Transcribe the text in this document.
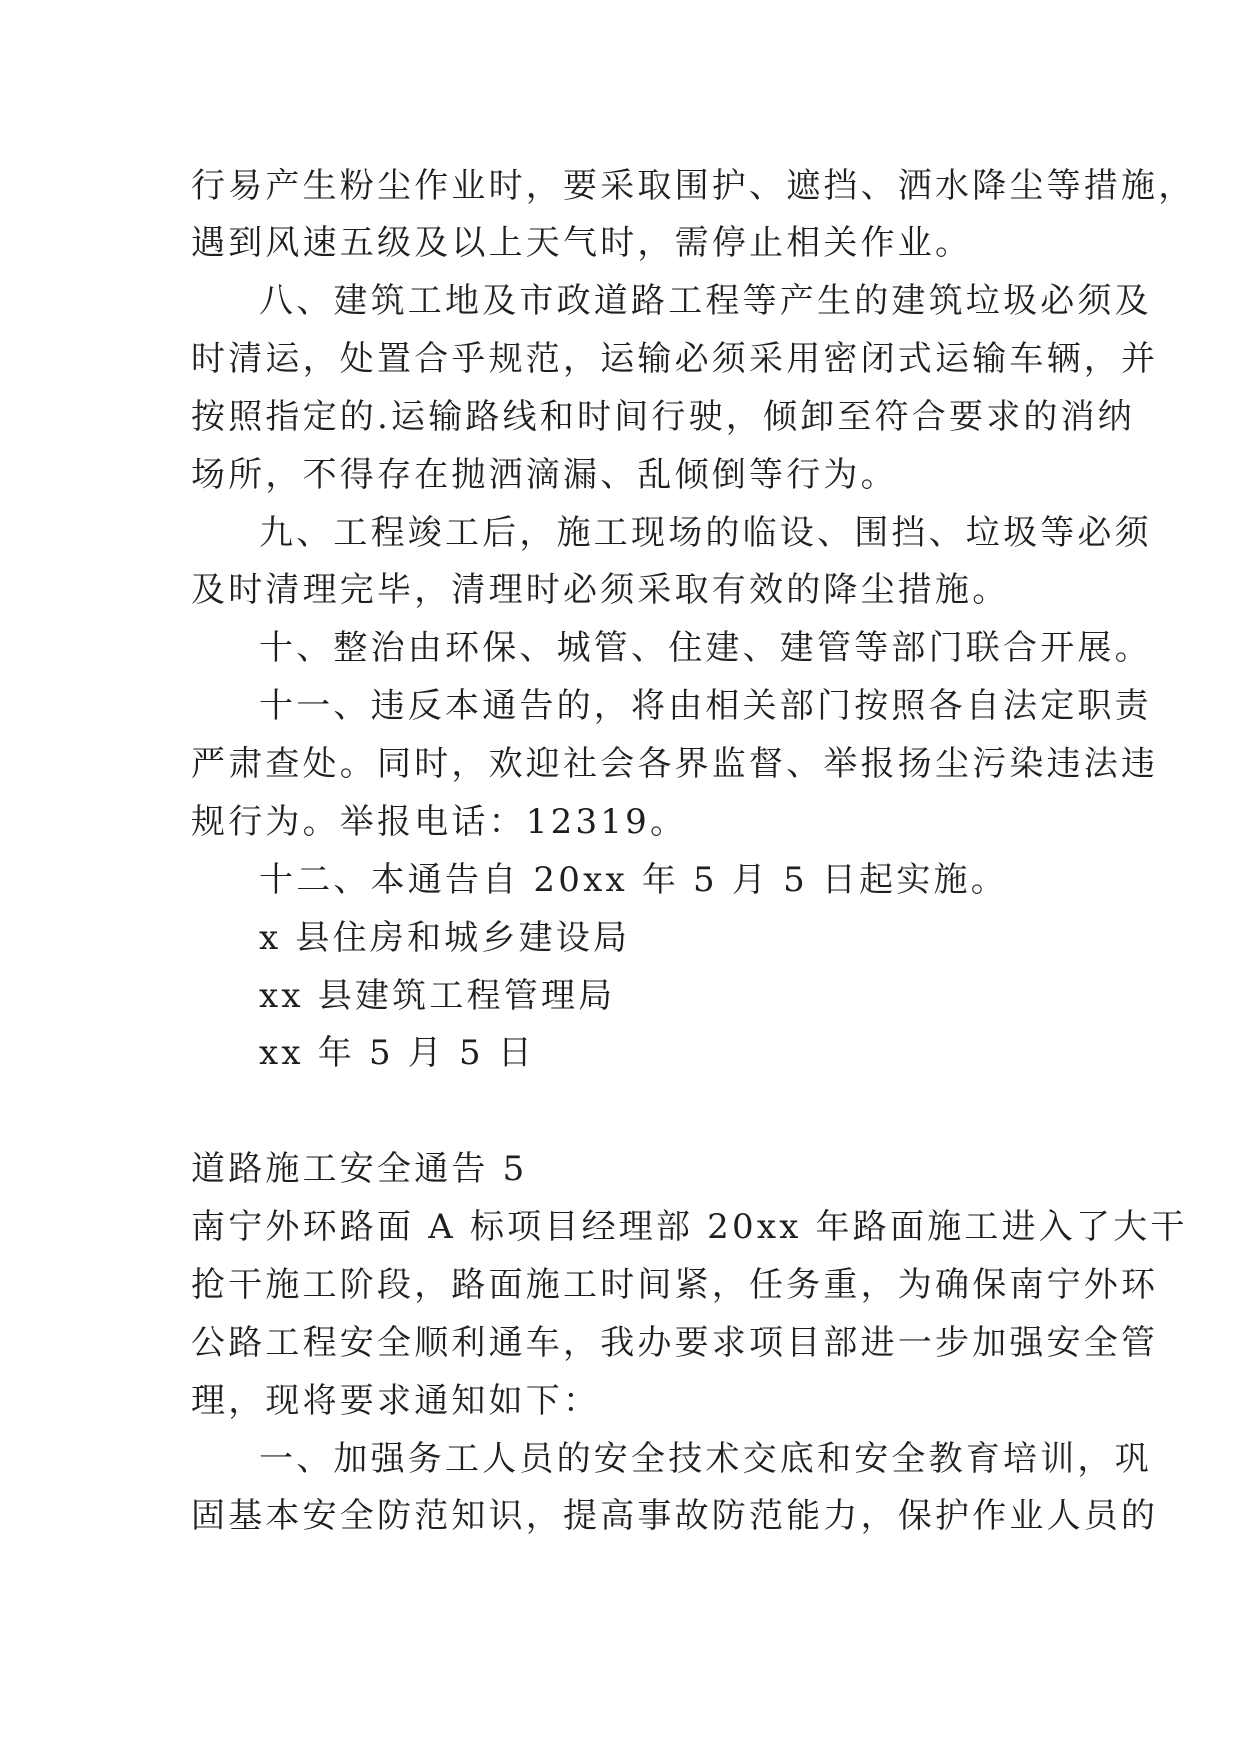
行易产生粉尘作业时，要采取围护、遮挡、洒水降尘等措施，
遇到风速五级及以上天气时，需停止相关作业。
八、建筑工地及市政道路工程等产生的建筑垃圾必须及
时清运，处置合乎规范，运输必须采用密闭式运输车辆，并
按照指定的.运输路线和时间行驶，倾卸至符合要求的消纳
场所，不得存在抛洒滴漏、乱倾倒等行为。
九、工程竣工后，施工现场的临设、围挡、垃圾等必须
及时清理完毕，清理时必须采取有效的降尘措施。
十、整治由环保、城管、住建、建管等部门联合开展。
十一、违反本通告的，将由相关部门按照各自法定职责
严肃查处。同时，欢迎社会各界监督、举报扬尘污染违法违
规行为。举报电话：12319。
十二、本通告自 20xx 年 5 月 5 日起实施。
x 县住房和城乡建设局
xx 县建筑工程管理局
xx 年 5 月 5 日
道路施工安全通告 5
南宁外环路面 A 标项目经理部 20xx 年路面施工进入了大干
抢干施工阶段，路面施工时间紧，任务重，为确保南宁外环
公路工程安全顺利通车，我办要求项目部进一步加强安全管
理，现将要求通知如下：
一、加强务工人员的安全技术交底和安全教育培训，巩
固基本安全防范知识，提高事故防范能力，保护作业人员的
